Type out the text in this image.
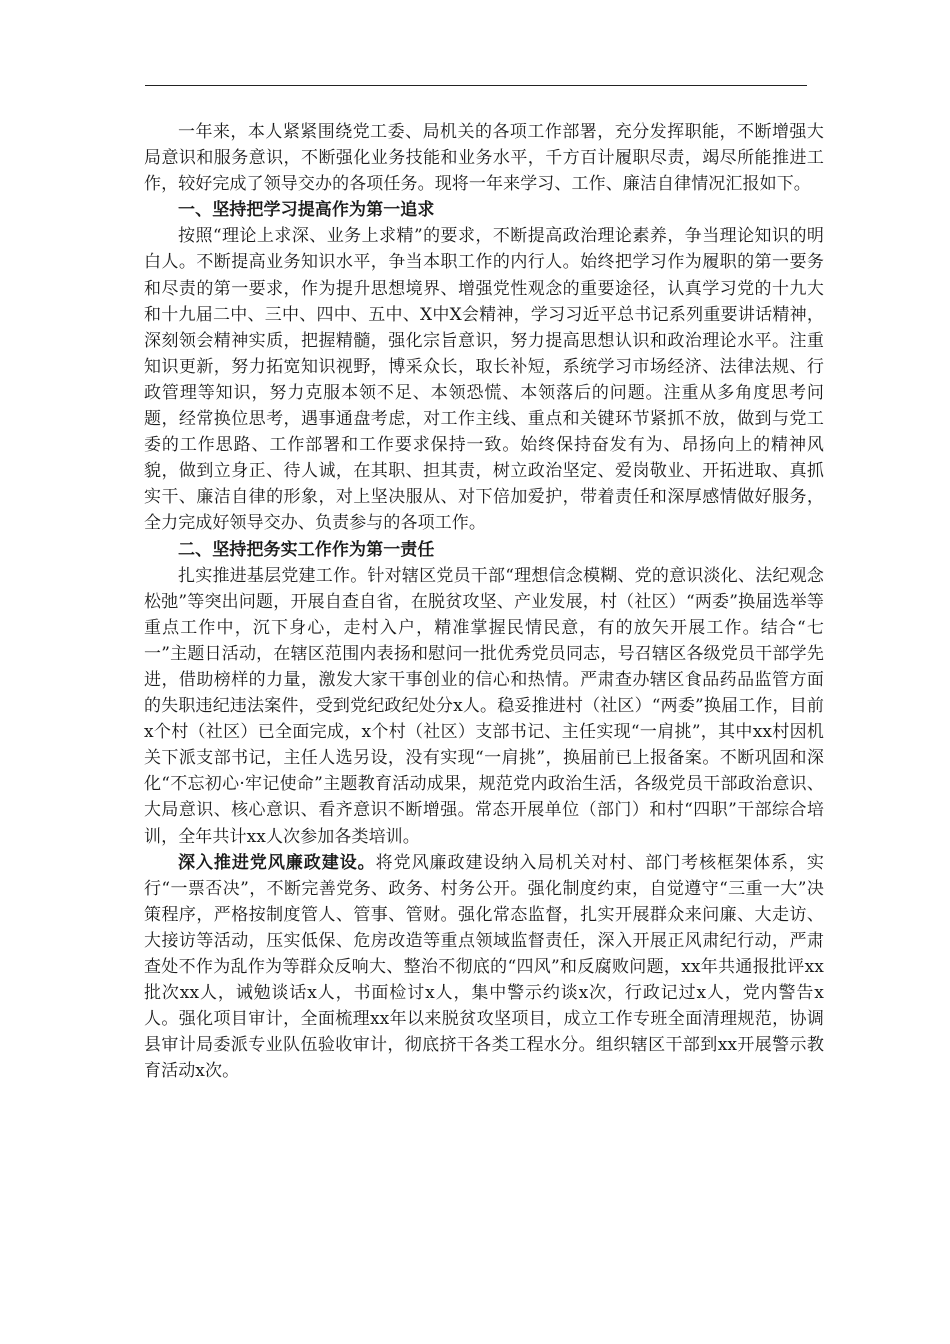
一年来，本人紧紧围绕党工委、局机关的各项工作部署，充分发挥职能，不断增强大局意识和服务意识，不断强化业务技能和业务水平，千方百计履职尽责，竭尽所能推进工作，较好完成了领导交办的各项任务。现将一年来学习、工作、廉洁自律情况汇报如下。

一、坚持把学习提高作为第一追求

按照“理论上求深、业务上求精”的要求，不断提高政治理论素养，争当理论知识的明白人。不断提高业务知识水平，争当本职工作的内行人。始终把学习作为履职的第一要务和尽责的第一要求，作为提升思想境界、增强党性观念的重要途径，认真学习党的十九大和十九届二中、三中、四中、五中、X中X会精神，学习习近平总书记系列重要讲话精神，深刻领会精神实质，把握精髓，强化宗旨意识，努力提高思想认识和政治理论水平。注重知识更新，努力拓宽知识视野，博采众长，取长补短，系统学习市场经济、法律法规、行政管理等知识，努力克服本领不足、本领恐慌、本领落后的问题。注重从多角度思考问题，经常换位思考，遇事通盘考虑，对工作主线、重点和关键环节紧抓不放，做到与党工委的工作思路、工作部署和工作要求保持一致。始终保持奋发有为、昂扬向上的精神风貌，做到立身正、待人诚，在其职、担其责，树立政治坚定、爱岗敬业、开拓进取、真抓实干、廉洁自律的形象，对上坚决服从、对下倍加爱护，带着责任和深厚感情做好服务，全力完成好领导交办、负责参与的各项工作。

二、坚持把务实工作作为第一责任

扎实推进基层党建工作。针对辖区党员干部“理想信念模糊、党的意识淡化、法纪观念松弛”等突出问题，开展自查自省，在脱贫攻坚、产业发展，村（社区）“两委”换届选举等重点工作中，沉下身心，走村入户，精准掌握民情民意，有的放矢开展工作。结合“七一”主题日活动，在辖区范围内表扬和慰问一批优秀党员同志，号召辖区各级党员干部学先进，借助榜样的力量，激发大家干事创业的信心和热情。严肃查办辖区食品药品监管方面的失职违纪违法案件，受到党纪政纪处分x人。稳妥推进村（社区）“两委”换届工作，目前x个村（社区）已全面完成，x个村（社区）支部书记、主任实现“一肩挑”，其中xx村因机关下派支部书记，主任人选另设，没有实现“一肩挑”，换届前已上报备案。不断巩固和深化“不忘初心·牢记使命”主题教育活动成果，规范党内政治生活，各级党员干部政治意识、大局意识、核心意识、看齐意识不断增强。常态开展单位（部门）和村“四职”干部综合培训，全年共计xx人次参加各类培训。

深入推进党风廉政建设。将党风廉政建设纳入局机关对村、部门考核框架体系，实行“一票否决”，不断完善党务、政务、村务公开。强化制度约束，自觉遵守“三重一大”决策程序，严格按制度管人、管事、管财。强化常态监督，扎实开展群众来问廉、大走访、大接访等活动，压实低保、危房改造等重点领域监督责任，深入开展正风肃纪行动，严肃查处不作为乱作为等群众反响大、整治不彻底的“四风”和反腐败问题，xx年共通报批评xx批次xx人，诫勉谈话x人，书面检讨x人，集中警示约谈x次，行政记过x人，党内警告x人。强化项目审计，全面梳理xx年以来脱贫攻坚项目，成立工作专班全面清理规范，协调县审计局委派专业队伍验收审计，彻底挤干各类工程水分。组织辖区干部到xx开展警示教育活动x次。
